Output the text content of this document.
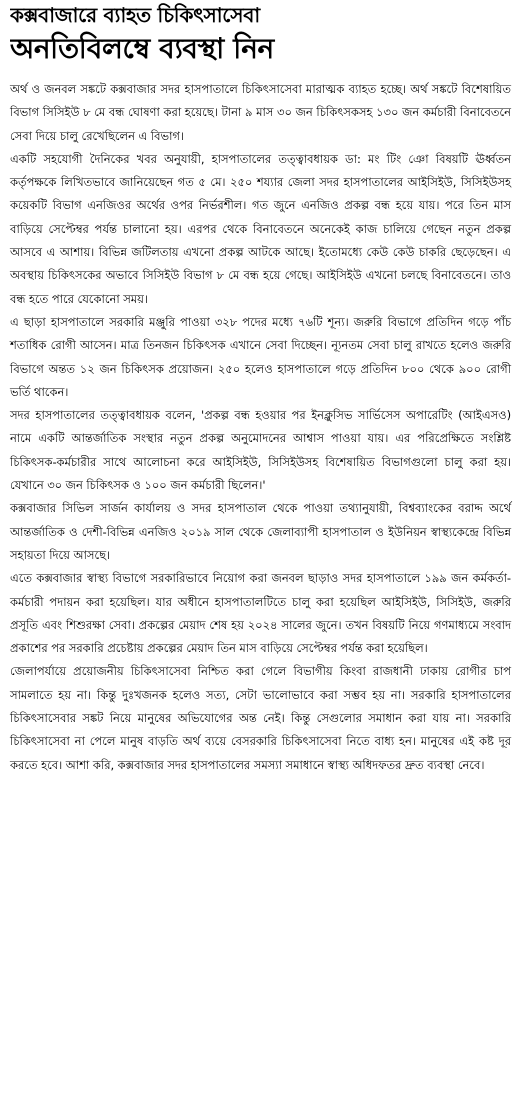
কক্সবাজারে ব্যাহত চিকিৎসাসেবা
অনতিবিলম্বে ব্যবস্থা নিন

অর্থ ও জনবল সঙ্কটে কক্সবাজার সদর হাসপাতালে চিকিৎসাসেবা মারাত্মক ব্যাহত হচ্ছে। অর্থ সঙ্কটে বিশেষায়িত বিভাগ সিসিইউ ৮ মে বন্ধ ঘোষণা করা হয়েছে। টানা ৯ মাস ৩০ জন চিকিৎসকসহ ১৩০ জন কর্মচারী বিনাবেতনে সেবা দিয়ে চালু রেখেছিলেন এ বিভাগ।

একটি সহযোগী দৈনিকের খবর অনুযায়ী, হাসপাতালের তত্ত্বাবধায়ক ডা: মং টিং ঞো বিষয়টি ঊর্ধ্বতন কর্তৃপক্ষকে লিখিতভাবে জানিয়েছেন গত ৫ মে। ২৫০ শয্যার জেলা সদর হাসপাতালের আইসিইউ, সিসিইউসহ কয়েকটি বিভাগ এনজিওর অর্থের ওপর নির্ভরশীল। গত জুনে এনজিও প্রকল্প বন্ধ হয়ে যায়। পরে তিন মাস বাড়িয়ে সেপ্টেম্বর পর্যন্ত চালানো হয়। এরপর থেকে বিনাবেতনে অনেকেই কাজ চালিয়ে গেছেন নতুন প্রকল্প আসবে এ আশায়। বিভিন্ন জটিলতায় এখনো প্রকল্প আটকে আছে। ইতোমধ্যে কেউ কেউ চাকরি ছেড়েছেন। এ অবস্থায় চিকিৎসকের অভাবে সিসিইউ বিভাগ ৮ মে বন্ধ হয়ে গেছে। আইসিইউ এখনো চলছে বিনাবেতনে। তাও বন্ধ হতে পারে যেকোনো সময়।

এ ছাড়া হাসপাতালে সরকারি মঞ্জুরি পাওয়া ৩২৮ পদের মধ্যে ৭৬টি শূন্য। জরুরি বিভাগে প্রতিদিন গড়ে পাঁচ শতাধিক রোগী আসেন। মাত্র তিনজন চিকিৎসক এখানে সেবা দিচ্ছেন। ন্যূনতম সেবা চালু রাখতে হলেও জরুরি বিভাগে অন্তত ১২ জন চিকিৎসক প্রয়োজন। ২৫০ হলেও হাসপাতালে গড়ে প্রতিদিন ৮০০ থেকে ৯০০ রোগী ভর্তি থাকেন।

সদর হাসপাতালের তত্ত্বাবধায়ক বলেন, 'প্রকল্প বন্ধ হওয়ার পর ইনক্লুসিভ সার্ভিসেস অপারেটিং (আইএসও) নামে একটি আন্তর্জাতিক সংস্থার নতুন প্রকল্প অনুমোদনের আশ্বাস পাওয়া যায়। এর পরিপ্রেক্ষিতে সংশ্লিষ্ট চিকিৎসক-কর্মচারীর সাথে আলোচনা করে আইসিইউ, সিসিইউসহ বিশেষায়িত বিভাগগুলো চালু করা হয়। যেখানে ৩০ জন চিকিৎসক ও ১০০ জন কর্মচারী ছিলেন।'

কক্সবাজার সিভিল সার্জন কার্যালয় ও সদর হাসপাতাল থেকে পাওয়া তথ্যানুযায়ী, বিশ্বব্যাংকের বরাদ্দ অর্থে আন্তর্জাতিক ও দেশী-বিভিন্ন এনজিও ২০১৯ সাল থেকে জেলাব্যাপী হাসপাতাল ও ইউনিয়ন স্বাস্থ্যকেন্দ্রে বিভিন্ন সহায়তা দিয়ে আসছে।

এতে কক্সবাজার স্বাস্থ্য বিভাগে সরকারিভাবে নিয়োগ করা জনবল ছাড়াও সদর হাসপাতালে ১৯৯ জন কর্মকর্তা-কর্মচারী পদায়ন করা হয়েছিল। যার অধীনে হাসপাতালটিতে চালু করা হয়েছিল আইসিইউ, সিসিইউ, জরুরি প্রসূতি এবং শিশুরক্ষা সেবা। প্রকল্পের মেয়াদ শেষ হয় ২০২৪ সালের জুনে। তখন বিষয়টি নিয়ে গণমাধ্যমে সংবাদ প্রকাশের পর সরকারি প্রচেষ্টায় প্রকল্পের মেয়াদ তিন মাস বাড়িয়ে সেপ্টেম্বর পর্যন্ত করা হয়েছিল।

জেলাপর্যায়ে প্রয়োজনীয় চিকিৎসাসেবা নিশ্চিত করা গেলে বিভাগীয় কিংবা রাজধানী ঢাকায় রোগীর চাপ সামলাতে হয় না। কিন্তু দুঃখজনক হলেও সত্য, সেটা ভালোভাবে করা সম্ভব হয় না। সরকারি হাসপাতালের চিকিৎসাসেবার সঙ্কট নিয়ে মানুষের অভিযোগের অন্ত নেই। কিন্তু সেগুলোর সমাধান করা যায় না। সরকারি চিকিৎসাসেবা না পেলে মানুষ বাড়তি অর্থ ব্যয়ে বেসরকারি চিকিৎসাসেবা নিতে বাধ্য হন। মানুষের এই কষ্ট দূর করতে হবে। আশা করি, কক্সবাজার সদর হাসপাতালের সমস্যা সমাধানে স্বাস্থ্য অধিদফতর দ্রুত ব্যবস্থা নেবে।
